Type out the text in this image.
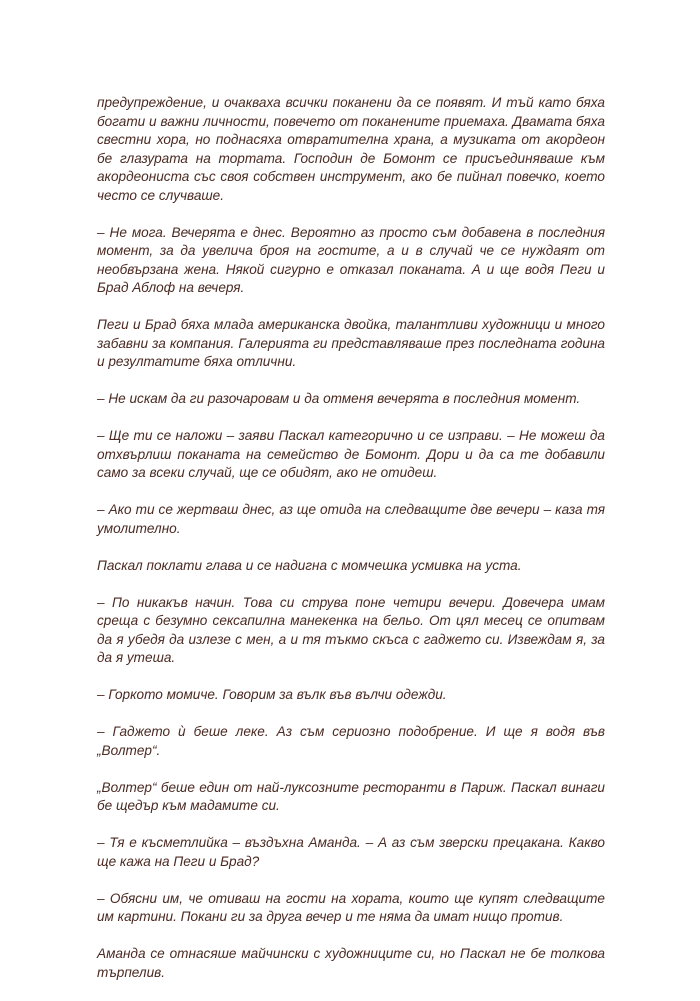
предупреждение, и очакваха всички поканени да се появят. И тъй като бяха богати и важни личности, повечето от поканените приемаха. Двамата бяха свестни хора, но поднасяха отвратителна храна, а музиката от акордеон бе глазурата на тортата. Господин де Бомонт се присъединяваше към акордеониста със своя собствен инструмент, ако бе пийнал повечко, което често се случваше.

– Не мога. Вечерята е днес. Вероятно аз просто съм добавена в последния момент, за да увелича броя на гостите, а и в случай че се нуждаят от необвързана жена. Някой сигурно е отказал поканата. А и ще водя Пеги и Брад Аблоф на вечеря.

Пеги и Брад бяха млада американска двойка, талантливи художници и много забавни за компания. Галерията ги представляваше през последната година и резултатите бяха отлични.

– Не искам да ги разочаровам и да отменя вечерята в последния момент.

– Ще ти се наложи – заяви Паскал категорично и се изправи. – Не можеш да отхвърлиш поканата на семейство де Бомонт. Дори и да са те добавили само за всеки случай, ще се обидят, ако не отидеш.

– Ако ти се жертваш днес, аз ще отида на следващите две вечери – каза тя умолително.

Паскал поклати глава и се надигна с момчешка усмивка на уста.

– По никакъв начин. Това си струва поне четири вечери. Довечера имам среща с безумно сексапилна манекенка на бельо. От цял месец се опитвам да я убедя да излезе с мен, а и тя тъкмо скъса с гаджето си. Извеждам я, за да я утеша.

– Горкото момиче. Говорим за вълк във вълчи одежди.

– Гаджето ѝ беше леке. Аз съм сериозно подобрение. И ще я водя във „Волтер“.

„Волтер“ беше един от най-луксозните ресторанти в Париж. Паскал винаги бе щедър към мадамите си.

– Тя е късметлийка – въздъхна Аманда. – А аз съм зверски прецакана. Какво ще кажа на Пеги и Брад?

– Обясни им, че отиваш на гости на хората, които ще купят следващите им картини. Покани ги за друга вечер и те няма да имат нищо против.

Аманда се отнасяше майчински с художниците си, но Паскал не бе толкова търпелив.
